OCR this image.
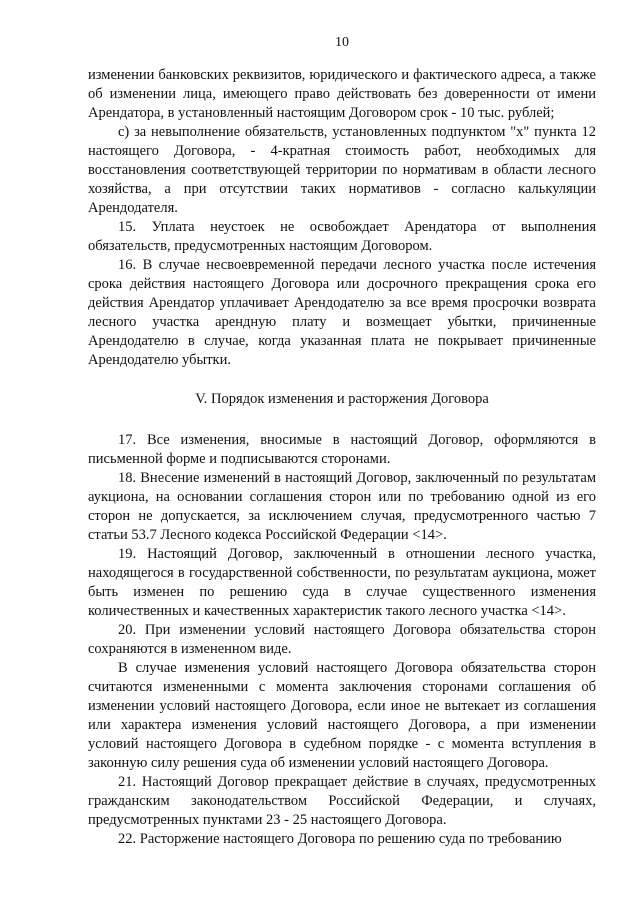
10

изменении банковских реквизитов, юридического и фактического адреса, а также об изменении лица, имеющего право действовать без доверенности от имени Арендатора, в установленный настоящим Договором срок - 10 тыс. рублей;

с) за невыполнение обязательств, установленных подпунктом "х" пункта 12 настоящего Договора, - 4-кратная стоимость работ, необходимых для восстановления соответствующей территории по нормативам в области лесного хозяйства, а при отсутствии таких нормативов - согласно калькуляции Арендодателя.

15. Уплата неустоек не освобождает Арендатора от выполнения обязательств, предусмотренных настоящим Договором.

16. В случае несвоевременной передачи лесного участка после истечения срока действия настоящего Договора или досрочного прекращения срока его действия Арендатор уплачивает Арендодателю за все время просрочки возврата лесного участка арендную плату и возмещает убытки, причиненные Арендодателю в случае, когда указанная плата не покрывает причиненные Арендодателю убытки.

V. Порядок изменения и расторжения Договора

17. Все изменения, вносимые в настоящий Договор, оформляются в письменной форме и подписываются сторонами.

18. Внесение изменений в настоящий Договор, заключенный по результатам аукциона, на основании соглашения сторон или по требованию одной из его сторон не допускается, за исключением случая, предусмотренного частью 7 статьи 53.7 Лесного кодекса Российской Федерации <14>.

19. Настоящий Договор, заключенный в отношении лесного участка, находящегося в государственной собственности, по результатам аукциона, может быть изменен по решению суда в случае существенного изменения количественных и качественных характеристик такого лесного участка <14>.

20. При изменении условий настоящего Договора обязательства сторон сохраняются в измененном виде.

В случае изменения условий настоящего Договора обязательства сторон считаются измененными с момента заключения сторонами соглашения об изменении условий настоящего Договора, если иное не вытекает из соглашения или характера изменения условий настоящего Договора, а при изменении условий настоящего Договора в судебном порядке - с момента вступления в законную силу решения суда об изменении условий настоящего Договора.

21. Настоящий Договор прекращает действие в случаях, предусмотренных гражданским законодательством Российской Федерации, и случаях, предусмотренных пунктами 23 - 25 настоящего Договора.

22. Расторжение настоящего Договора по решению суда по требованию
